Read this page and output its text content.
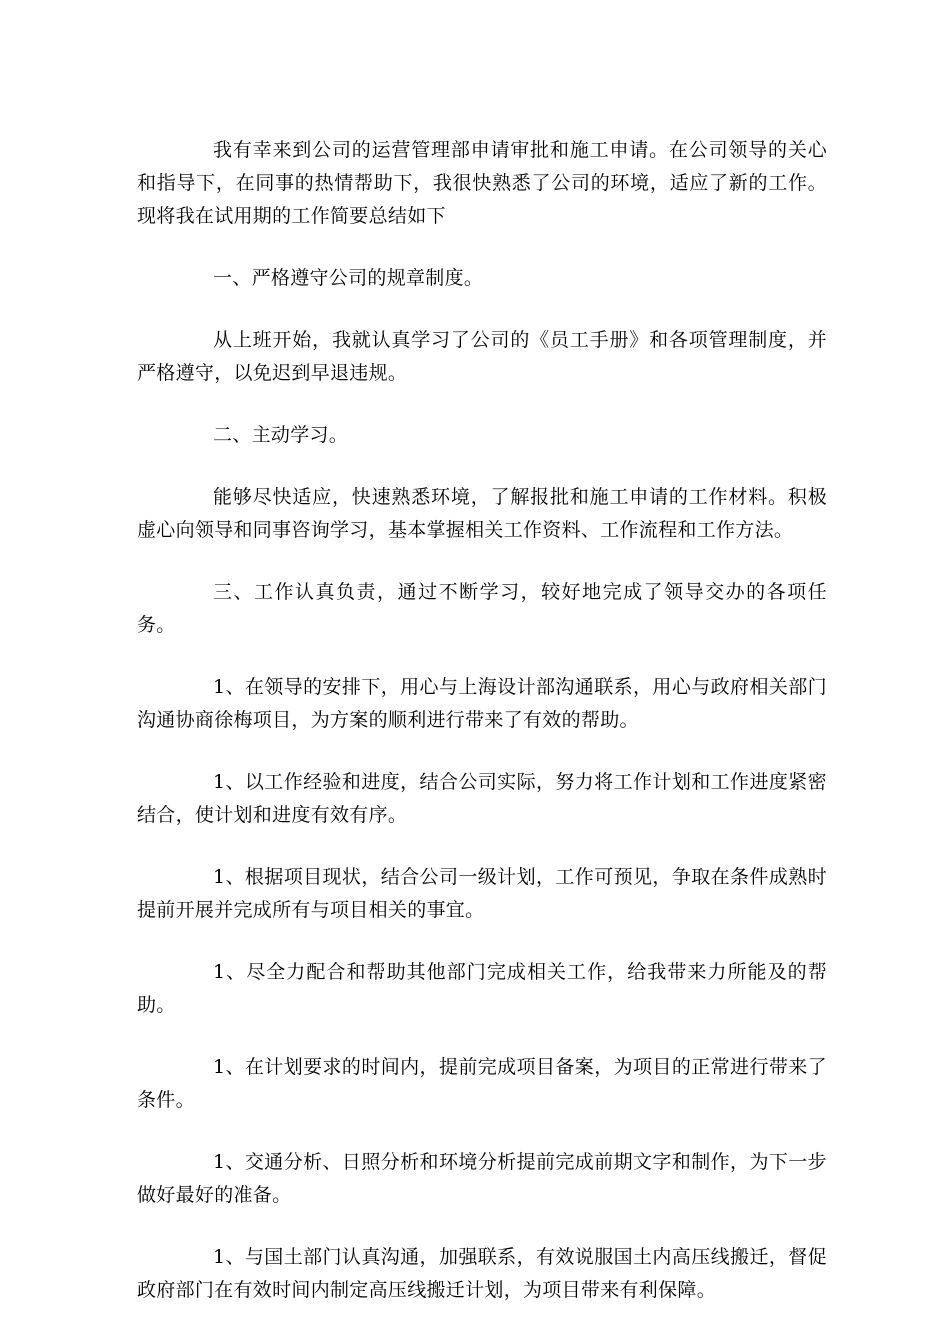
我有幸来到公司的运营管理部申请审批和施工申请。在公司领导的关心和指导下，在同事的热情帮助下，我很快熟悉了公司的环境，适应了新的工作。现将我在试用期的工作简要总结如下

一、严格遵守公司的规章制度。

从上班开始，我就认真学习了公司的《员工手册》和各项管理制度，并严格遵守，以免迟到早退违规。

二、主动学习。

能够尽快适应，快速熟悉环境，了解报批和施工申请的工作材料。积极虚心向领导和同事咨询学习，基本掌握相关工作资料、工作流程和工作方法。

三、工作认真负责，通过不断学习，较好地完成了领导交办的各项任务。

1、在领导的安排下，用心与上海设计部沟通联系，用心与政府相关部门沟通协商徐梅项目，为方案的顺利进行带来了有效的帮助。

1、以工作经验和进度，结合公司实际，努力将工作计划和工作进度紧密结合，使计划和进度有效有序。

1、根据项目现状，结合公司一级计划，工作可预见，争取在条件成熟时提前开展并完成所有与项目相关的事宜。

1、尽全力配合和帮助其他部门完成相关工作，给我带来力所能及的帮助。

1、在计划要求的时间内，提前完成项目备案，为项目的正常进行带来了条件。

1、交通分析、日照分析和环境分析提前完成前期文字和制作，为下一步做好最好的准备。

1、与国土部门认真沟通，加强联系，有效说服国土内高压线搬迁，督促政府部门在有效时间内制定高压线搬迁计划，为项目带来有利保障。
